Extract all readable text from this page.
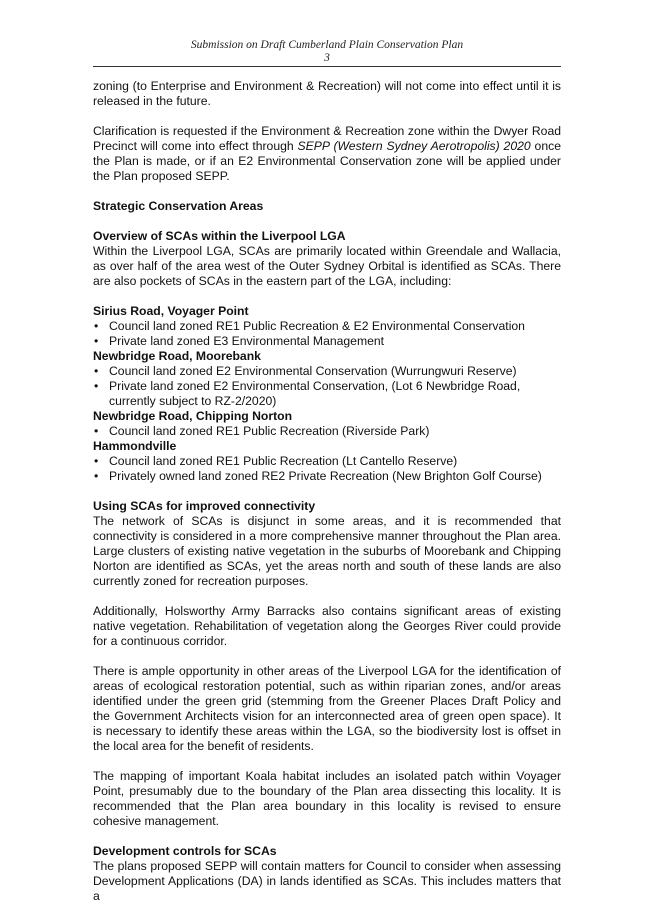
Submission on Draft Cumberland Plain Conservation Plan
3

zoning (to Enterprise and Environment & Recreation) will not come into effect until it is released in the future.

Clarification is requested if the Environment & Recreation zone within the Dwyer Road Precinct will come into effect through SEPP (Western Sydney Aerotropolis) 2020 once the Plan is made, or if an E2 Environmental Conservation zone will be applied under the Plan proposed SEPP.

Strategic Conservation Areas
Overview of SCAs within the Liverpool LGA

Within the Liverpool LGA, SCAs are primarily located within Greendale and Wallacia, as over half of the area west of the Outer Sydney Orbital is identified as SCAs. There are also pockets of SCAs in the eastern part of the LGA, including:

Sirius Road, Voyager Point
• Council land zoned RE1 Public Recreation & E2 Environmental Conservation
• Private land zoned E3 Environmental Management
Newbridge Road, Moorebank
• Council land zoned E2 Environmental Conservation (Wurrungwuri Reserve)
• Private land zoned E2 Environmental Conservation, (Lot 6 Newbridge Road, currently subject to RZ-2/2020)
Newbridge Road, Chipping Norton
• Council land zoned RE1 Public Recreation (Riverside Park)
Hammondville
• Council land zoned RE1 Public Recreation (Lt Cantello Reserve)
• Privately owned land zoned RE2 Private Recreation (New Brighton Golf Course)
Using SCAs for improved connectivity

The network of SCAs is disjunct in some areas, and it is recommended that connectivity is considered in a more comprehensive manner throughout the Plan area. Large clusters of existing native vegetation in the suburbs of Moorebank and Chipping Norton are identified as SCAs, yet the areas north and south of these lands are also currently zoned for recreation purposes.

Additionally, Holsworthy Army Barracks also contains significant areas of existing native vegetation. Rehabilitation of vegetation along the Georges River could provide for a continuous corridor.

There is ample opportunity in other areas of the Liverpool LGA for the identification of areas of ecological restoration potential, such as within riparian zones, and/or areas identified under the green grid (stemming from the Greener Places Draft Policy and the Government Architects vision for an interconnected area of green open space). It is necessary to identify these areas within the LGA, so the biodiversity lost is offset in the local area for the benefit of residents.

The mapping of important Koala habitat includes an isolated patch within Voyager Point, presumably due to the boundary of the Plan area dissecting this locality. It is recommended that the Plan area boundary in this locality is revised to ensure cohesive management.

Development controls for SCAs

The plans proposed SEPP will contain matters for Council to consider when assessing Development Applications (DA) in lands identified as SCAs. This includes matters that a
